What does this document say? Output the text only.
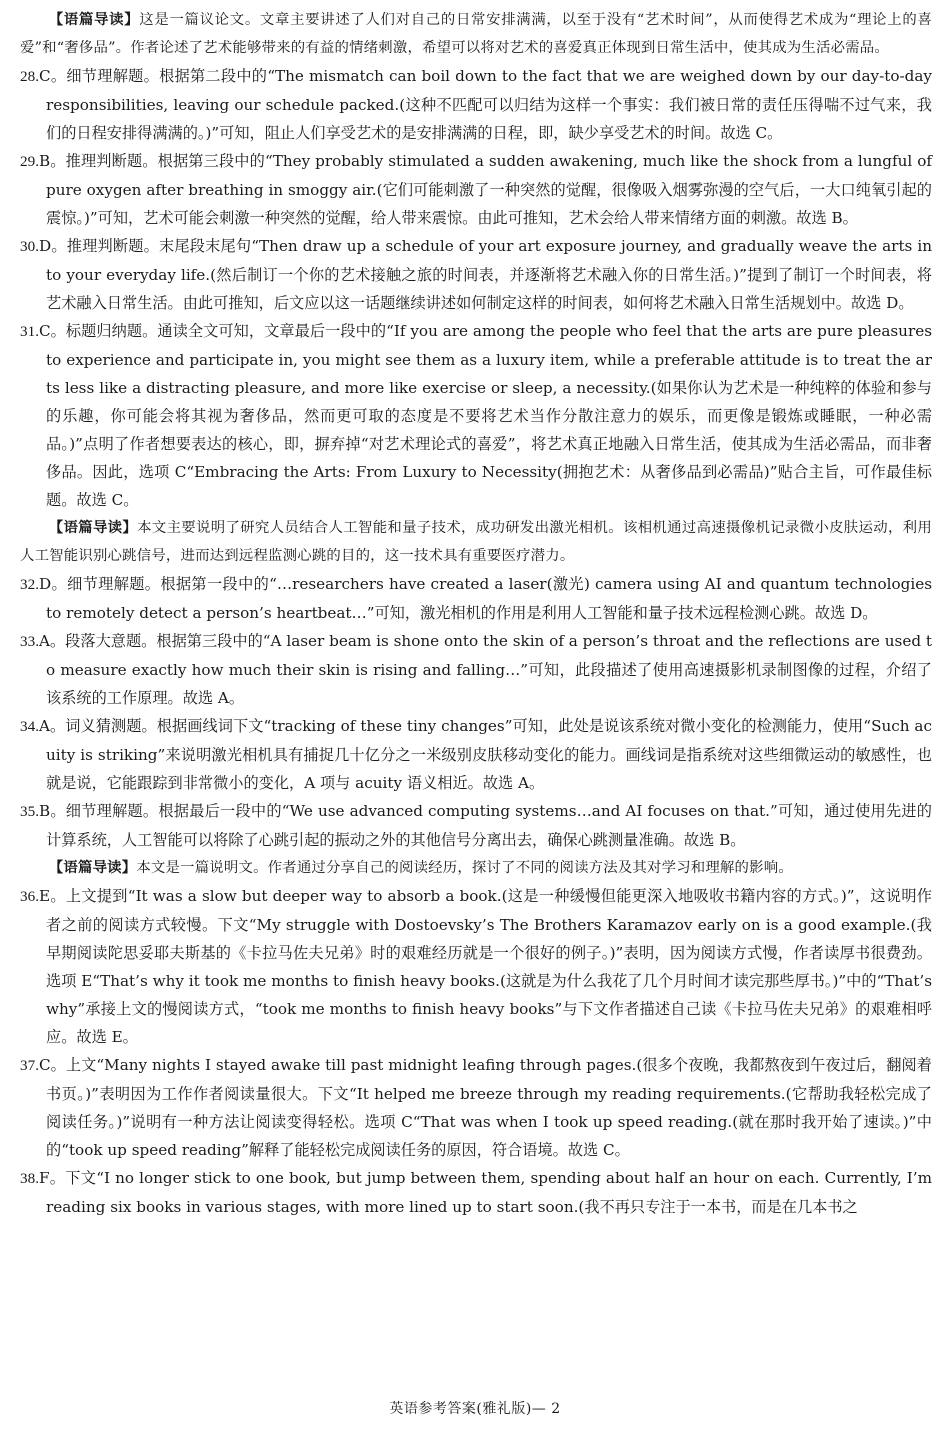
【语篇导读】这是一篇议论文。文章主要讲述了人们对自己的日常安排满满，以至于没有“艺术时间”，从而使得艺术成为“理论上的喜爱”和“奢侈品”。作者论述了艺术能够带来的有益的情绪刺激，希望可以将对艺术的喜爱真正体现到日常生活中，使其成为生活必需品。

28.C。细节理解题。根据第二段中的“The mismatch can boil down to the fact that we are weighed down by our day-to-day responsibilities, leaving our schedule packed.(这种不匹配可以归结为这样一个事实：我们被日常的责任压得喘不过气来，我们的日程安排得满满的。)”可知，阻止人们享受艺术的是安排满满的日程，即，缺少享受艺术的时间。故选 C。

29.B。推理判断题。根据第三段中的“They probably stimulated a sudden awakening, much like the shock from a lungful of pure oxygen after breathing in smoggy air.(它们可能刺激了一种突然的觉醒，很像吸入烟雾弥漫的空气后，一大口纯氧引起的震惊。)”可知，艺术可能会刺激一种突然的觉醒，给人带来震惊。由此可推知，艺术会给人带来情绪方面的刺激。故选 B。

30.D。推理判断题。末尾段末尾句“Then draw up a schedule of your art exposure journey, and gradually weave the arts into your everyday life.(然后制订一个你的艺术接触之旅的时间表，并逐渐将艺术融入你的日常生活。)”提到了制订一个时间表，将艺术融入日常生活。由此可推知，后文应以这一话题继续讲述如何制定这样的时间表，如何将艺术融入日常生活规划中。故选 D。

31.C。标题归纳题。通读全文可知，文章最后一段中的“If you are among the people who feel that the arts are pure pleasures to experience and participate in, you might see them as a luxury item, while a preferable attitude is to treat the arts less like a distracting pleasure, and more like exercise or sleep, a necessity.(如果你认为艺术是一种纯粹的体验和参与的乐趣，你可能会将其视为奢侈品，然而更可取的态度是不要将艺术当作分散注意力的娱乐，而更像是锻炼或睡眠，一种必需品。)”点明了作者想要表达的核心，即，摒弃掉“对艺术理论式的喜爱”，将艺术真正地融入日常生活，使其成为生活必需品，而非奢侈品。因此，选项 C“Embracing the Arts: From Luxury to Necessity(拥抱艺术：从奢侈品到必需品)”贴合主旨，可作最佳标题。故选 C。

【语篇导读】本文主要说明了研究人员结合人工智能和量子技术，成功研发出激光相机。该相机通过高速摄像机记录微小皮肤运动，利用人工智能识别心跳信号，进而达到远程监测心跳的目的，这一技术具有重要医疗潜力。

32.D。细节理解题。根据第一段中的“…researchers have created a laser(激光) camera using AI and quantum technologies to remotely detect a person’s heartbeat…”可知，激光相机的作用是利用人工智能和量子技术远程检测心跳。故选 D。

33.A。段落大意题。根据第三段中的“A laser beam is shone onto the skin of a person’s throat and the reflections are used to measure exactly how much their skin is rising and falling…”可知，此段描述了使用高速摄影机录制图像的过程，介绍了该系统的工作原理。故选 A。

34.A。词义猜测题。根据画线词下文“tracking of these tiny changes”可知，此处是说该系统对微小变化的检测能力，使用“Such acuity is striking”来说明激光相机具有捕捉几十亿分之一米级别皮肤移动变化的能力。画线词是指系统对这些细微运动的敏感性，也就是说，它能跟踪到非常微小的变化，A 项与 acuity 语义相近。故选 A。

35.B。细节理解题。根据最后一段中的“We use advanced computing systems…and AI focuses on that.”可知，通过使用先进的计算系统，人工智能可以将除了心跳引起的振动之外的其他信号分离出去，确保心跳测量准确。故选 B。

【语篇导读】本文是一篇说明文。作者通过分享自己的阅读经历，探讨了不同的阅读方法及其对学习和理解的影响。

36.E。上文提到“It was a slow but deeper way to absorb a book.(这是一种缓慢但能更深入地吸收书籍内容的方式。)”，这说明作者之前的阅读方式较慢。下文“My struggle with Dostoevsky’s The Brothers Karamazov early on is a good example.(我早期阅读陀思妥耶夫斯基的《卡拉马佐夫兄弟》时的艰难经历就是一个很好的例子。)”表明，因为阅读方式慢，作者读厚书很费劲。选项 E“That’s why it took me months to finish heavy books.(这就是为什么我花了几个月时间才读完那些厚书。)”中的“That’s why”承接上文的慢阅读方式，“took me months to finish heavy books”与下文作者描述自己读《卡拉马佐夫兄弟》的艰难相呼应。故选 E。

37.C。上文“Many nights I stayed awake till past midnight leafing through pages.(很多个夜晚，我都熬夜到午夜过后，翻阅着书页。)”表明因为工作作者阅读量很大。下文“It helped me breeze through my reading requirements.(它帮助我轻松完成了阅读任务。)”说明有一种方法让阅读变得轻松。选项 C“That was when I took up speed reading.(就在那时我开始了速读。)”中的“took up speed reading”解释了能轻松完成阅读任务的原因，符合语境。故选 C。

38.F。下文“I no longer stick to one book, but jump between them, spending about half an hour on each. Currently, I’m reading six books in various stages, with more lined up to start soon.(我不再只专注于一本书，而是在几本书之

英语参考答案(雅礼版)— 2
